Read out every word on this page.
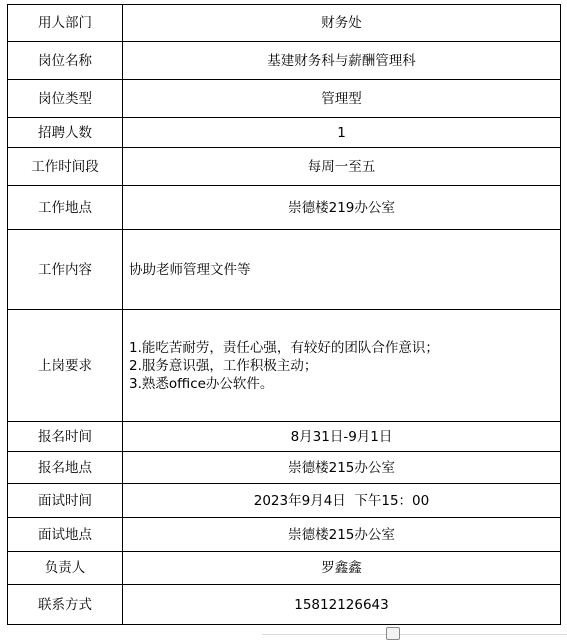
用人部门	财务处
岗位名称	基建财务科与薪酬管理科
岗位类型	管理型
招聘人数	1
工作时间段	每周一至五
工作地点	崇德楼219办公室
工作内容	协助老师管理文件等
上岗要求	1.能吃苦耐劳，责任心强，有较好的团队合作意识；
2.服务意识强，工作积极主动；
3.熟悉office办公软件。

报名时间	8月31日-9月1日
报名地点	崇德楼215办公室
面试时间	2023年9月4日  下午15：00
面试地点	崇德楼215办公室
负责人	罗鑫鑫
联系方式	15812126643
